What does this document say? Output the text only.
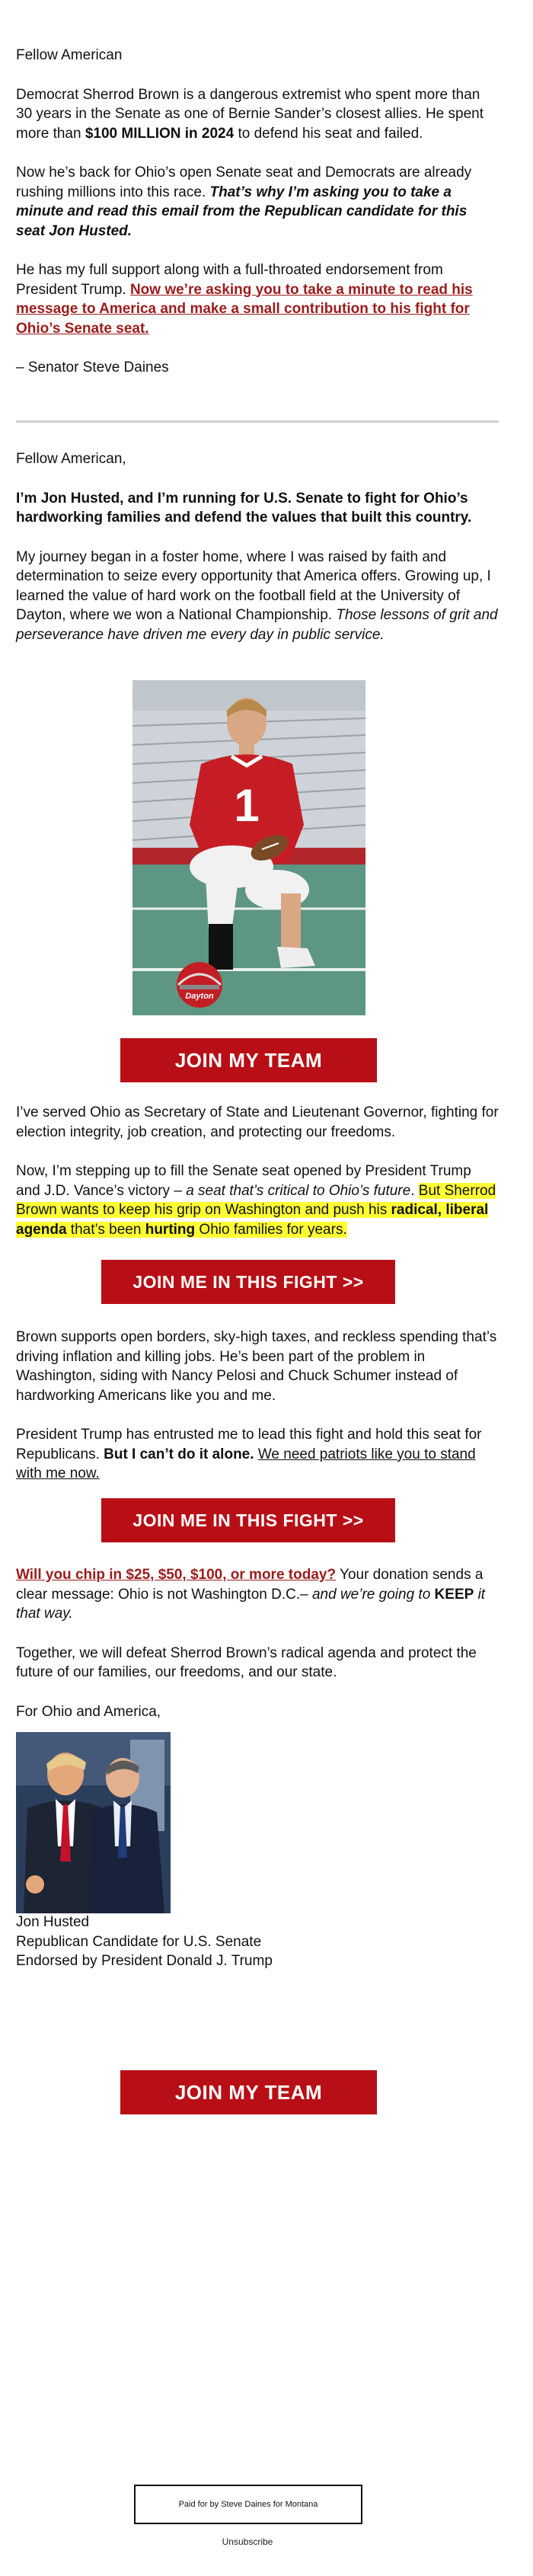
Fellow American

Democrat Sherrod Brown is a dangerous extremist who spent more than 30 years in the Senate as one of Bernie Sander’s closest allies. He spent more than $100 MILLION in 2024 to defend his seat and failed.

Now he’s back for Ohio’s open Senate seat and Democrats are already rushing millions into this race. That’s why I’m asking you to take a minute and read this email from the Republican candidate for this seat Jon Husted.

He has my full support along with a full-throated endorsement from President Trump. Now we’re asking you to take a minute to read his message to America and make a small contribution to his fight for Ohio’s Senate seat.

– Senator Steve Daines

Fellow American,

I’m Jon Husted, and I’m running for U.S. Senate to fight for Ohio’s hardworking families and defend the values that built this country.

My journey began in a foster home, where I was raised by faith and determination to seize every opportunity that America offers. Growing up, I learned the value of hard work on the football field at the University of Dayton, where we won a National Championship. Those lessons of grit and perseverance have driven me every day in public service.

1
Dayton
JOIN MY TEAM

I’ve served Ohio as Secretary of State and Lieutenant Governor, fighting for election integrity, job creation, and protecting our freedoms.

Now, I’m stepping up to fill the Senate seat opened by President Trump and J.D. Vance’s victory – a seat that’s critical to Ohio’s future. But Sherrod Brown wants to keep his grip on Washington and push his radical, liberal agenda that’s been hurting Ohio families for years.

JOIN ME IN THIS FIGHT >>

Brown supports open borders, sky-high taxes, and reckless spending that’s driving inflation and killing jobs. He’s been part of the problem in Washington, siding with Nancy Pelosi and Chuck Schumer instead of hardworking Americans like you and me.

President Trump has entrusted me to lead this fight and hold this seat for Republicans. But I can’t do it alone. We need patriots like you to stand with me now.

JOIN ME IN THIS FIGHT >>

Will you chip in $25, $50, $100, or more today? Your donation sends a clear message: Ohio is not Washington D.C.– and we’re going to KEEP it that way.

Together, we will defeat Sherrod Brown’s radical agenda and protect the future of our families, our freedoms, and our state.

For Ohio and America,

Jon Husted
Republican Candidate for U.S. Senate
Endorsed by President Donald J. Trump
JOIN MY TEAM
Paid for by Steve Daines for Montana
Unsubscribe
